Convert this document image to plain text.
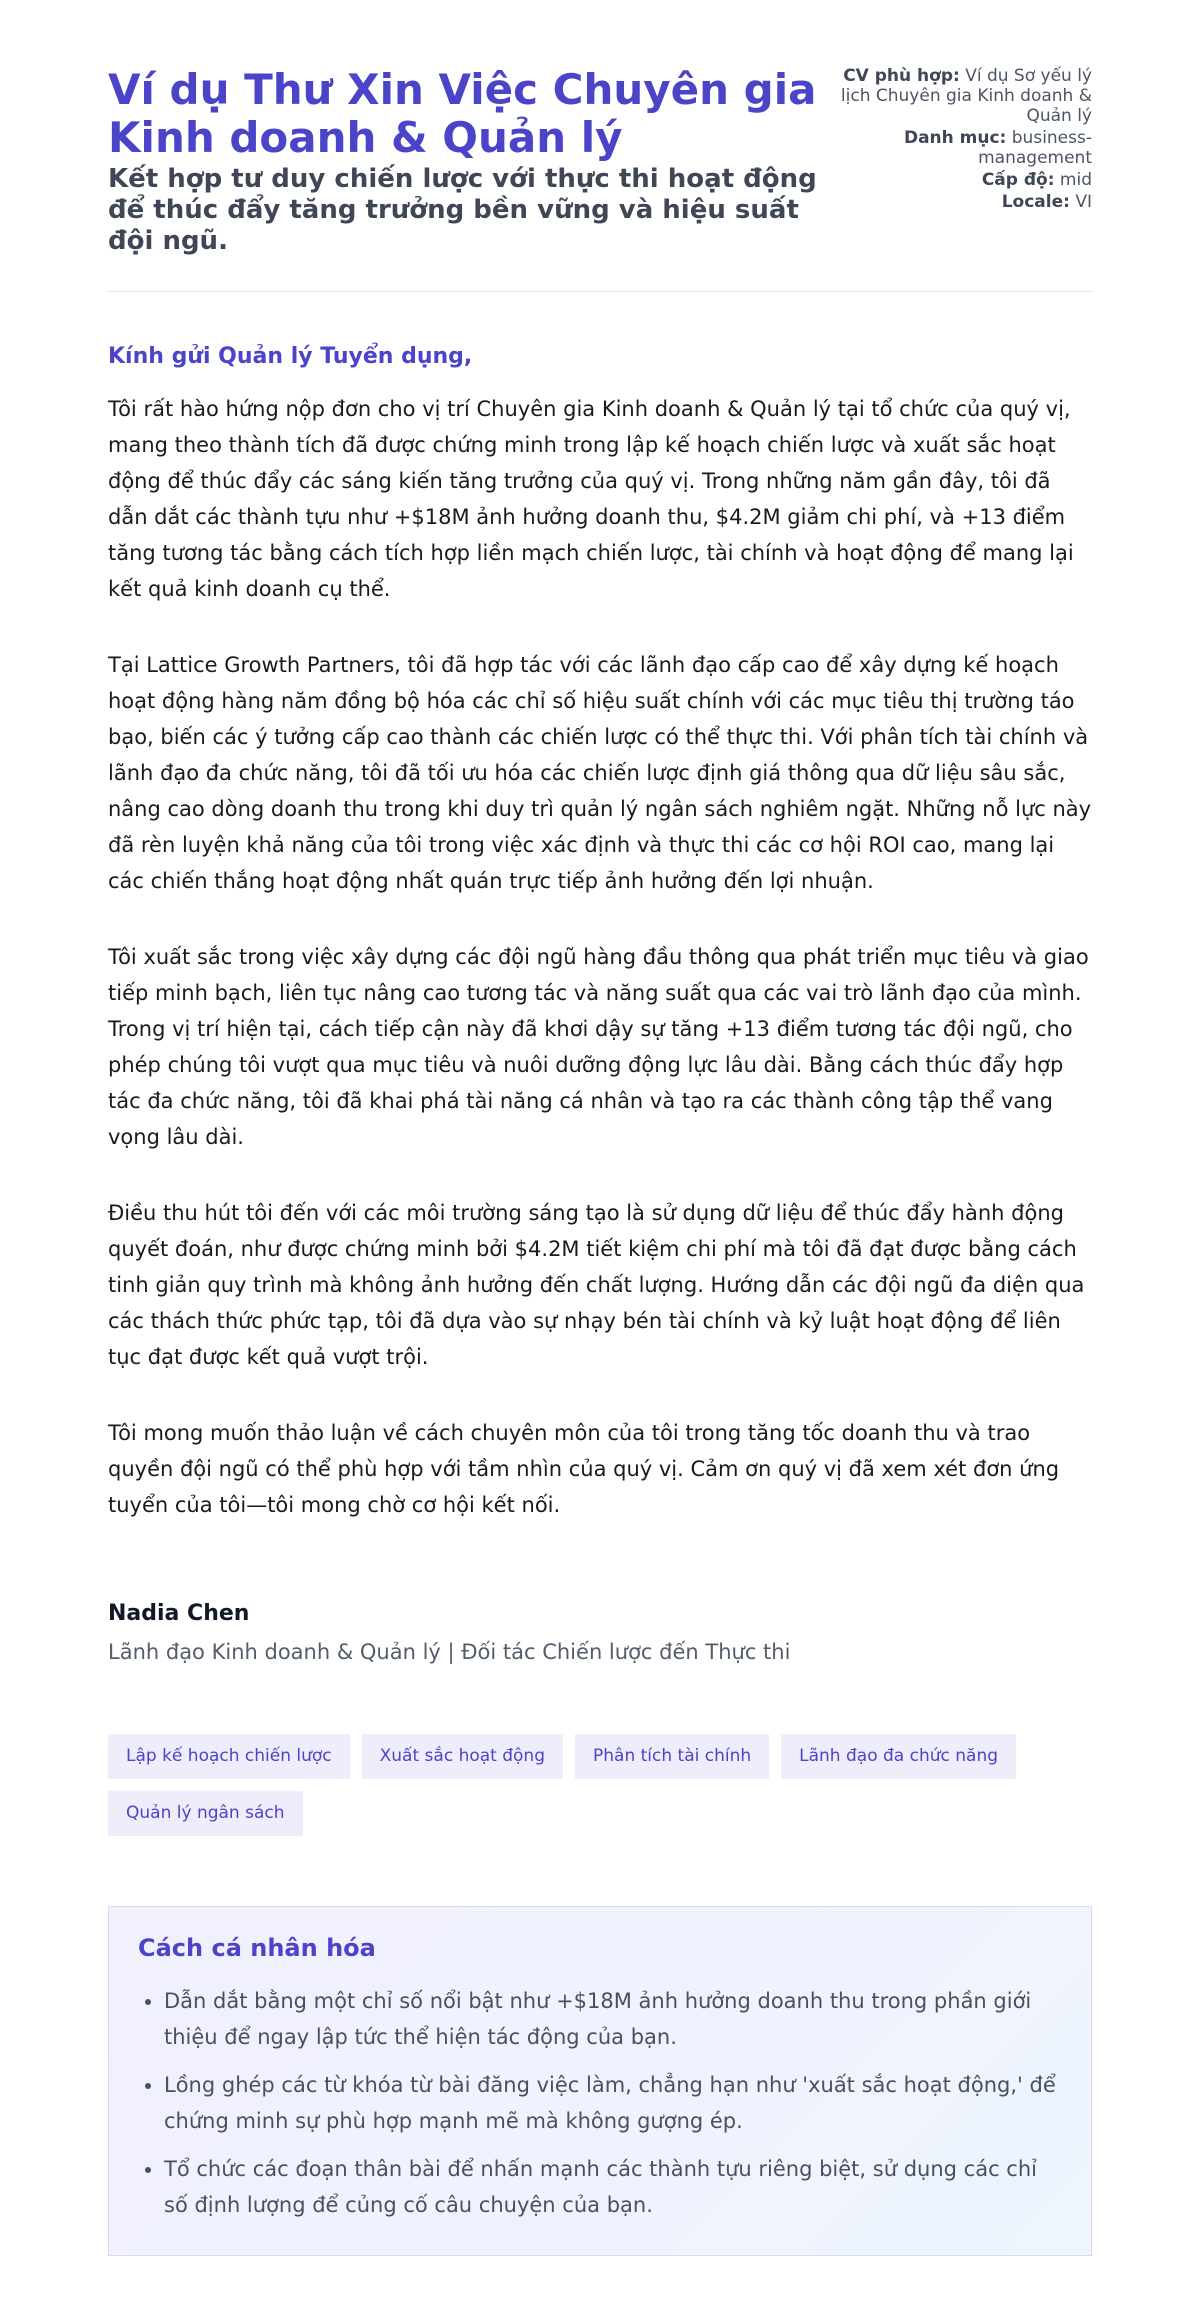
Ví dụ Thư Xin Việc Chuyên gia Kinh doanh & Quản lý
Kết hợp tư duy chiến lược với thực thi hoạt động để thúc đẩy tăng trưởng bền vững và hiệu suất đội ngũ.
CV phù hợp: Ví dụ Sơ yếu lý lịch Chuyên gia Kinh doanh & Quản lý
Danh mục: business-management
Cấp độ: mid
Locale: VI

Kính gửi Quản lý Tuyển dụng,

Tôi rất hào hứng nộp đơn cho vị trí Chuyên gia Kinh doanh & Quản lý tại tổ chức của quý vị, mang theo thành tích đã được chứng minh trong lập kế hoạch chiến lược và xuất sắc hoạt động để thúc đẩy các sáng kiến tăng trưởng của quý vị. Trong những năm gần đây, tôi đã dẫn dắt các thành tựu như +$18M ảnh hưởng doanh thu, $4.2M giảm chi phí, và +13 điểm tăng tương tác bằng cách tích hợp liền mạch chiến lược, tài chính và hoạt động để mang lại kết quả kinh doanh cụ thể.

Tại Lattice Growth Partners, tôi đã hợp tác với các lãnh đạo cấp cao để xây dựng kế hoạch hoạt động hàng năm đồng bộ hóa các chỉ số hiệu suất chính với các mục tiêu thị trường táo bạo, biến các ý tưởng cấp cao thành các chiến lược có thể thực thi. Với phân tích tài chính và lãnh đạo đa chức năng, tôi đã tối ưu hóa các chiến lược định giá thông qua dữ liệu sâu sắc, nâng cao dòng doanh thu trong khi duy trì quản lý ngân sách nghiêm ngặt. Những nỗ lực này đã rèn luyện khả năng của tôi trong việc xác định và thực thi các cơ hội ROI cao, mang lại các chiến thắng hoạt động nhất quán trực tiếp ảnh hưởng đến lợi nhuận.

Tôi xuất sắc trong việc xây dựng các đội ngũ hàng đầu thông qua phát triển mục tiêu và giao tiếp minh bạch, liên tục nâng cao tương tác và năng suất qua các vai trò lãnh đạo của mình. Trong vị trí hiện tại, cách tiếp cận này đã khơi dậy sự tăng +13 điểm tương tác đội ngũ, cho phép chúng tôi vượt qua mục tiêu và nuôi dưỡng động lực lâu dài. Bằng cách thúc đẩy hợp tác đa chức năng, tôi đã khai phá tài năng cá nhân và tạo ra các thành công tập thể vang vọng lâu dài.

Điều thu hút tôi đến với các môi trường sáng tạo là sử dụng dữ liệu để thúc đẩy hành động quyết đoán, như được chứng minh bởi $4.2M tiết kiệm chi phí mà tôi đã đạt được bằng cách tinh giản quy trình mà không ảnh hưởng đến chất lượng. Hướng dẫn các đội ngũ đa diện qua các thách thức phức tạp, tôi đã dựa vào sự nhạy bén tài chính và kỷ luật hoạt động để liên tục đạt được kết quả vượt trội.

Tôi mong muốn thảo luận về cách chuyên môn của tôi trong tăng tốc doanh thu và trao quyền đội ngũ có thể phù hợp với tầm nhìn của quý vị. Cảm ơn quý vị đã xem xét đơn ứng tuyển của tôi—tôi mong chờ cơ hội kết nối.

Nadia Chen
Lãnh đạo Kinh doanh & Quản lý | Đối tác Chiến lược đến Thực thi
Lập kế hoạch chiến lược	Xuất sắc hoạt động	Phân tích tài chính	Lãnh đạo đa chức năng
Quản lý ngân sách
Cách cá nhân hóa
• Dẫn dắt bằng một chỉ số nổi bật như +$18M ảnh hưởng doanh thu trong phần giới thiệu để ngay lập tức thể hiện tác động của bạn.
• Lồng ghép các từ khóa từ bài đăng việc làm, chẳng hạn như 'xuất sắc hoạt động,' để chứng minh sự phù hợp mạnh mẽ mà không gượng ép.
• Tổ chức các đoạn thân bài để nhấn mạnh các thành tựu riêng biệt, sử dụng các chỉ số định lượng để củng cố câu chuyện của bạn.
